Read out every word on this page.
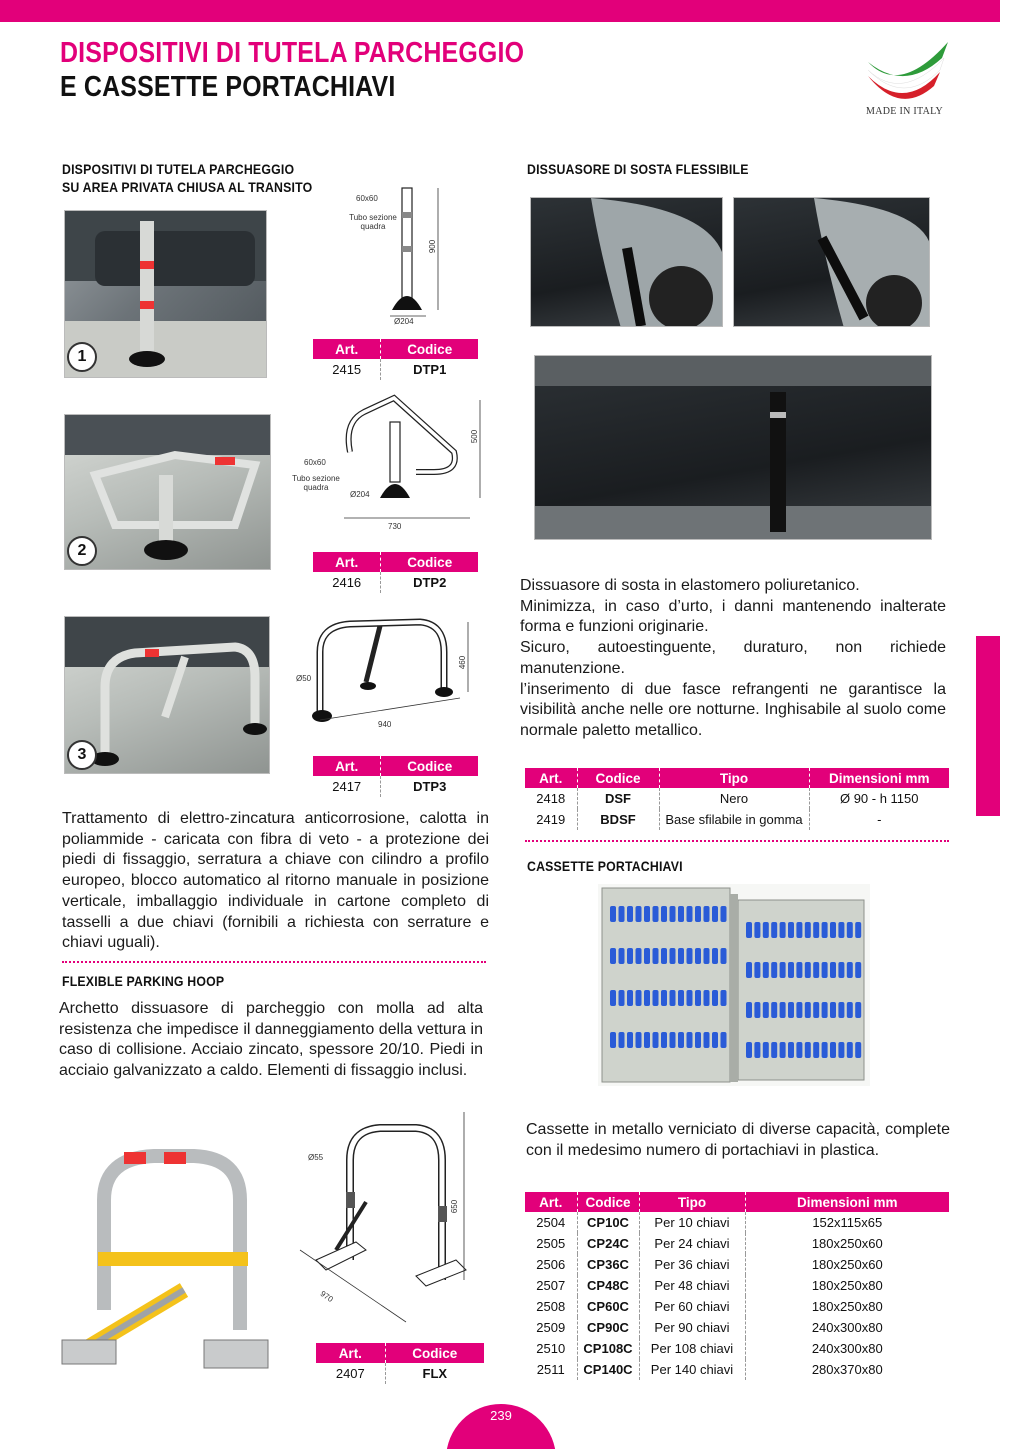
DISPOSITIVI DI TUTELA PARCHEGGIO
E CASSETTE PORTACHIAVI
MADE IN ITALY
DISPOSITIVI DI TUTELA PARCHEGGIO
SU AREA PRIVATA CHIUSA AL TRANSITO
1
60x60
Tubo sezione quadra
900
Ø204
Art.	Codice
2415	DTP1
2
60x60
Tubo sezione quadra
500
Ø204
730
Art.	Codice
2416	DTP2
3
Ø50
460
940
Art.	Codice
2417	DTP3

Trattamento di elettro-zincatura anticorrosione, calotta in poliammide - caricata con fibra di veto - a protezione dei piedi di fissaggio, serratura a chiave con cilindro a profilo europeo, blocco automatico al ritorno manuale in posizione verticale, imballaggio individuale in cartone completo di tasselli a due chiavi (fornibili a richiesta con serrature e chiavi uguali).

FLEXIBLE PARKING HOOP

Archetto dissuasore di parcheggio con molla ad alta resistenza che impedisce il danneggiamento della vettura in caso di collisione. Acciaio zincato, spessore 20/10. Piedi in acciaio galvanizzato a caldo. Elementi di fissaggio inclusi.

Ø55
650
970
Art.	Codice
2407	FLX
DISSUASORE DI SOSTA FLESSIBILE
Dissuasore di sosta in elastomero poliuretanico.
Minimizza, in caso d’urto, i danni mantenendo inalterate forma e funzioni originarie.
Sicuro, autoestinguente, duraturo, non richiede manutenzione.
l’inserimento di due fasce refrangenti ne garantisce la visibilità anche nelle ore notturne. Inghisabile al suolo come normale paletto metallico.
Art.	Codice	Tipo	Dimensioni mm
2418	DSF	Nero	Ø 90 - h 1150
2419	BDSF	Base sfilabile in gomma	-
CASSETTE PORTACHIAVI

Cassette in metallo verniciato di diverse capacità, complete con il medesimo numero di portachiavi in plastica.

Art.	Codice	Tipo	Dimensioni mm
2504	CP10C	Per 10 chiavi	152x115x65
2505	CP24C	Per 24 chiavi	180x250x60
2506	CP36C	Per 36 chiavi	180x250x60
2507	CP48C	Per 48 chiavi	180x250x80
2508	CP60C	Per 60 chiavi	180x250x80
2509	CP90C	Per 90 chiavi	240x300x80
2510	CP108C	Per 108 chiavi	240x300x80
2511	CP140C	Per 140 chiavi	280x370x80
239
